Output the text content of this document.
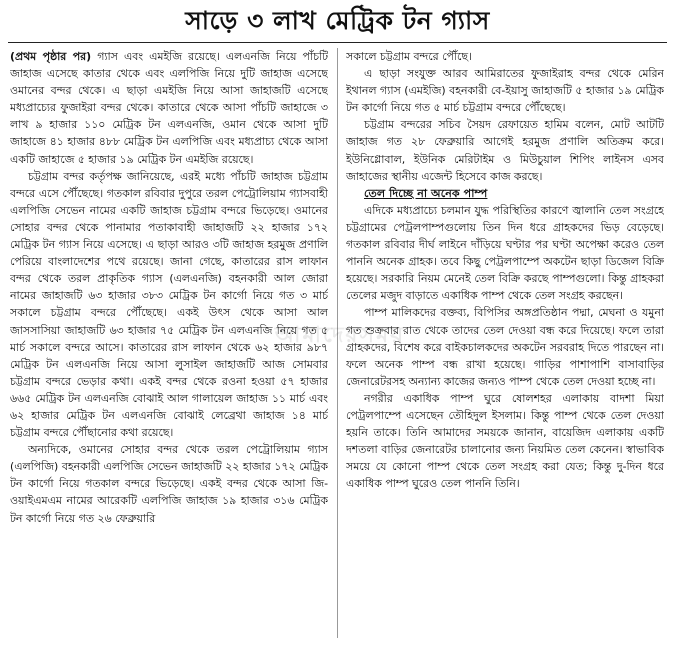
সাড়ে ৩ লাখ মেট্রিক টন গ্যাস

(প্রথম পৃষ্ঠার পর) গ্যাস এবং এমইজি রয়েছে। এলএনজি নিয়ে পাঁচটি জাহাজ এসেছে কাতার থেকে এবং এলপিজি নিয়ে দুটি জাহাজ এসেছে ওমানের বন্দর থেকে। এ ছাড়া এমইজি নিয়ে আসা জাহাজটি এসেছে মধ্যপ্রাচ্যের ফুজাইরা বন্দর থেকে। কাতারে থেকে আসা পাঁচটি জাহাজে ৩ লাখ ৯ হাজার ১১০ মেট্রিক টন এলএনজি, ওমান থেকে আসা দুটি জাহাজে ৪১ হাজার ৪৮৮ মেট্রিক টন এলপিজি এবং মধ্যপ্রাচ্য থেকে আসা একটি জাহাজে ৫ হাজার ১৯ মেট্রিক টন এমইজি রয়েছে।

চট্টগ্রাম বন্দর কর্তৃপক্ষ জানিয়েছে, এরই মধ্যে পাঁচটি জাহাজ চট্টগ্রাম বন্দরে এসে পৌঁছেছে। গতকাল রবিবার দুপুরে তরল পেট্রোলিয়াম গ্যাসবাহী এলপিজি সেভেন নামের একটি জাহাজ চট্টগ্রাম বন্দরে ভিড়েছে। ওমানের সোহার বন্দর থেকে পানামার পতাকাবাহী জাহাজটি ২২ হাজার ১৭২ মেট্রিক টন গ্যাস নিয়ে এসেছে। এ ছাড়া আরও ৩টি জাহাজ হরমুজ প্রণালি পেরিয়ে বাংলাদেশের পথে রয়েছে। জানা গেছে, কাতারের রাস লাফান বন্দর থেকে তরল প্রাকৃতিক গ্যাস (এলএনজি) বহনকারী আল জোরা নামের জাহাজটি ৬৩ হাজার ৩৮৩ মেট্রিক টন কার্গো নিয়ে গত ৩ মার্চ সকালে চট্টগ্রাম বন্দরে পৌঁছেছে। একই উৎস থেকে আসা আল জাসসাসিয়া জাহাজটি ৬৩ হাজার ৭৫ মেট্রিক টন এলএনজি নিয়ে গত ৫ মার্চ সকালে বন্দরে আসে। কাতারের রাস লাফান থেকে ৬২ হাজার ৯৮৭ মেট্রিক টন এলএনজি নিয়ে আসা লুসাইল জাহাজটি আজ সোমবার চট্টগ্রাম বন্দরে ভেড়ার কথা। একই বন্দর থেকে রওনা হওয়া ৫৭ হাজার ৬৬৫ মেট্রিক টন এলএনজি বোঝাই আল গালায়েল জাহাজ ১১ মার্চ এবং ৬২ হাজার মেট্রিক টন এলএনজি বোঝাই লেব্রেথা জাহাজ ১৪ মার্চ চট্টগ্রাম বন্দরে পৌঁছানোর কথা রয়েছে।

অন্যদিকে, ওমানের সোহার বন্দর থেকে তরল পেট্রোলিয়াম গ্যাস (এলপিজি) বহনকারী এলপিজি সেভেন জাহাজটি ২২ হাজার ১৭২ মেট্রিক টন কার্গো নিয়ে গতকাল বন্দরে ভিড়েছে। একই বন্দর থেকে আসা জি-ওয়াইএমএম নামের আরেকটি এলপিজি জাহাজ ১৯ হাজার ৩১৬ মেট্রিক টন কার্গো নিয়ে গত ২৬ ফেব্রুয়ারি

সকালে চট্টগ্রাম বন্দরে পৌঁছে।

এ ছাড়া সংযুক্ত আরব আমিরাতের ফুজাইরাহ বন্দর থেকে মেরিন ইথানল গ্যাস (এমইজি) বহনকারী বে-ইয়াসু জাহাজটি ৫ হাজার ১৯ মেট্রিক টন কার্গো নিয়ে গত ৫ মার্চ চট্টগ্রাম বন্দরে পৌঁছেছে।

চট্টগ্রাম বন্দরের সচিব সৈয়দ রেফায়েত হামিম বলেন, মোট আটটি জাহাজ গত ২৮ ফেব্রুয়ারি আগেই হরমুজ প্রণালি অতিক্রম করে। ইউনিগ্লোবাল, ইউনিক মেরিটাইম ও মিউচুয়াল শিপিং লাইনস এসব জাহাজের স্থানীয় এজেন্ট হিসেবে কাজ করছে।

তেল দিচ্ছে না অনেক পাম্প

এদিকে মধ্যপ্রাচ্যে চলমান যুদ্ধ পরিস্থিতির কারণে জ্বালানি তেল সংগ্রহে চট্টগ্রামের পেট্রলপাম্পগুলোয় তিন দিন ধরে গ্রাহকদের ভিড় বেড়েছে। গতকাল রবিবার দীর্ঘ লাইনে দাঁড়িয়ে ঘণ্টার পর ঘণ্টা অপেক্ষা করেও তেল পাননি অনেক গ্রাহক। তবে কিছু পেট্রলপাম্পে অকটেন ছাড়া ডিজেল বিক্রি হয়েছে। সরকারি নিয়ম মেনেই তেল বিক্রি করছে পাম্পগুলো। কিন্তু গ্রাহকরা তেলের মজুদ বাড়াতে একাধিক পাম্প থেকে তেল সংগ্রহ করছেন।

পাম্প মালিকদের বক্তব্য, বিপিসির অঙ্গপ্রতিষ্ঠান পদ্মা, মেঘনা ও যমুনা গত শুক্রবার রাত থেকে তাদের তেল দেওয়া বন্ধ করে দিয়েছে। ফলে তারা গ্রাহকদের, বিশেষ করে বাইকচালকদের অকটেন সরবরাহ দিতে পারছেন না। ফলে অনেক পাম্প বন্ধ রাখা হয়েছে। গাড়ির পাশাপাশি বাসাবাড়ির জেনারেটরসহ অন্যান্য কাজের জন্যও পাম্প থেকে তেল দেওয়া হচ্ছে না।

নগরীর একাধিক পাম্প ঘুরে ষোলশহর এলাকায় বাদশা মিয়া পেট্রলপাম্পে এসেছেন তৌহিদুল ইসলাম। কিন্তু পাম্প থেকে তেল দেওয়া হয়নি তাকে। তিনি আমাদের সময়কে জানান, বায়েজিদ এলাকায় একটি দশতলা বাড়ির জেনারেটর চালানোর জন্য নিয়মিত তেল কেনেন। স্বাভাবিক সময়ে যে কোনো পাম্প থেকে তেল সংগ্রহ করা যেত; কিন্তু দু-দিন ধরে একাধিক পাম্প ঘুরেও তেল পাননি তিনি।

আমাদেরসময়
